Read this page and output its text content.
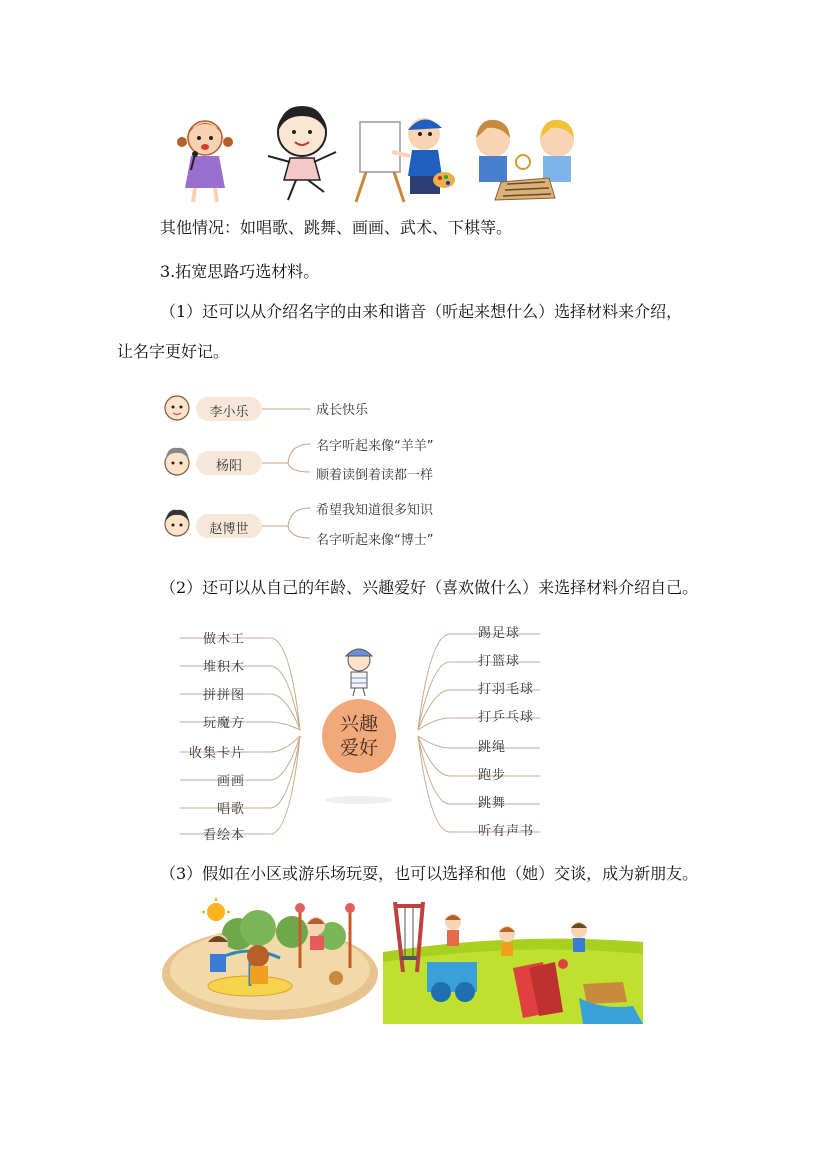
其他情况：如唱歌、跳舞、画画、武术、下棋等。
3.拓宽思路巧选材料。
（1）还可以从介绍名字的由来和谐音（听起来想什么）选择材料来介绍，
让名字更好记。
李小乐
杨阳
赵博世
成长快乐
名字听起来像“羊羊”
顺着读倒着读都一样
希望我知道很多知识
名字听起来像“博士”
（2）还可以从自己的年龄、兴趣爱好（喜欢做什么）来选择材料介绍自己。
兴趣
爱好
做木工
堆积木
拼拼图
玩魔方
收集卡片
画画
唱歌
看绘本
踢足球
打篮球
打羽毛球
打乒乓球
跳绳
跑步
跳舞
听有声书
（3）假如在小区或游乐场玩耍，也可以选择和他（她）交谈，成为新朋友。
